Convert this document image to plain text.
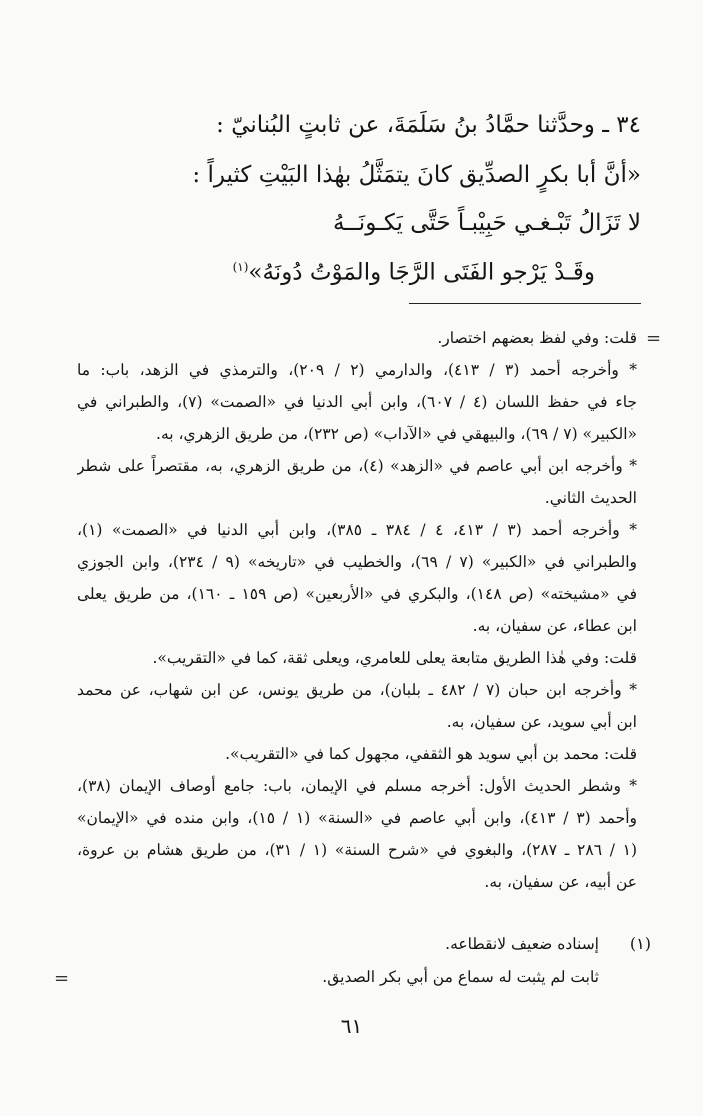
٣٤ ـ وحدَّثنا حمَّادُ بنُ سَلَمَةَ، عن ثابتٍ البُنانيّ :
«أنَّ أبا بكرٍ الصدِّيق كانَ يتمَثَّلُ بهٰذا البَيْتِ كثيراً :
لا تَزَالُ تَبْـغـي حَبِيْبـاً حَتَّى يَكـونَــهُ
وقَـدْ يَرْجو الفَتَى الرَّجَا والمَوْتُ دُونَهُ»$^{(١)}$
=
قلت: وفي لفظ بعضهم اختصار.
* وأخرجه أحمد (٣ / ٤١٣)، والدارمي (٢ / ٢٠٩)، والترمذي في الزهد، باب: ما
جاء في حفظ اللسان (٤ / ٦٠٧)، وابن أبي الدنيا في «الصمت» (٧)، والطبراني في
«الكبير» (٧ / ٦٩)، والبيهقي في «الآداب» (ص ٢٣٢)، من طريق الزهري، به.
* وأخرجه ابن أبي عاصم في «الزهد» (٤)، من طريق الزهري، به، مقتصراً على شطر
الحديث الثاني.
* وأخرجه أحمد (٣ / ٤١٣، ٤ / ٣٨٤ ـ ٣٨٥)، وابن أبي الدنيا في «الصمت» (١)،
والطبراني في «الكبير» (٧ / ٦٩)، والخطيب في «تاريخه» (٩ / ٢٣٤)، وابن الجوزي
في «مشيخته» (ص ١٤٨)، والبكري في «الأربعين» (ص ١٥٩ ـ ١٦٠)، من طريق يعلى
ابن عطاء، عن سفيان، به.
قلت: وفي هٰذا الطريق متابعة يعلى للعامري، ويعلى ثقة، كما في «التقريب».
* وأخرجه ابن حبان (٧ / ٤٨٢ ـ بلبان)، من طريق يونس، عن ابن شهاب، عن محمد
ابن أبي سويد، عن سفيان، به.
قلت: محمد بن أبي سويد هو الثقفي، مجهول كما في «التقريب».
* وشطر الحديث الأول: أخرجه مسلم في الإيمان، باب: جامع أوصاف الإيمان (٣٨)،
وأحمد (٣ / ٤١٣)، وابن أبي عاصم في «السنة» (١ / ١٥)، وابن منده في «الإيمان»
(١ / ٢٨٦ ـ ٢٨٧)، والبغوي في «شرح السنة» (١ / ٣١)، من طريق هشام بن عروة،
عن أبيه، عن سفيان، به.
(١)
إسناده ضعيف لانقطاعه.
ثابت لم يثبت له سماع من أبي بكر الصديق.
=
٦١
